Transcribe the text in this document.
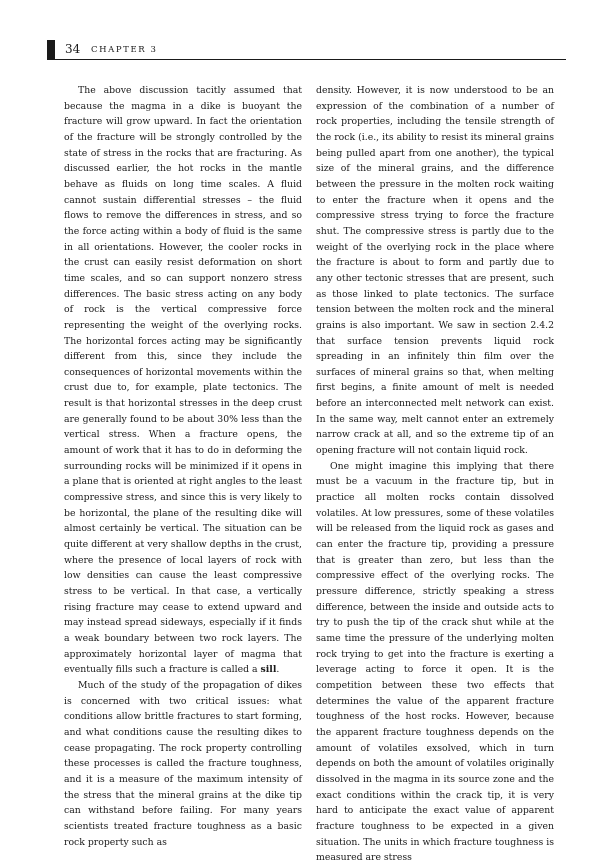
34 CHAPTER 3

The above discussion tacitly assumed that because the magma in a dike is buoyant the fracture will grow upward. In fact the orientation of the fracture will be strongly controlled by the state of stress in the rocks that are fracturing. As discussed earlier, the hot rocks in the mantle behave as fluids on long time scales. A fluid cannot sustain differential stresses – the fluid flows to remove the differences in stress, and so the force acting within a body of fluid is the same in all orientations. However, the cooler rocks in the crust can easily resist deformation on short time scales, and so can support nonzero stress differences. The basic stress acting on any body of rock is the vertical compressive force representing the weight of the overlying rocks. The horizontal forces acting may be significantly different from this, since they include the consequences of horizontal movements within the crust due to, for example, plate tectonics. The result is that horizontal stresses in the deep crust are generally found to be about 30% less than the vertical stress. When a fracture opens, the amount of work that it has to do in deforming the surrounding rocks will be minimized if it opens in a plane that is oriented at right angles to the least compressive stress, and since this is very likely to be horizontal, the plane of the resulting dike will almost certainly be vertical. The situation can be quite different at very shallow depths in the crust, where the presence of local layers of rock with low densities can cause the least compressive stress to be vertical. In that case, a vertically rising fracture may cease to extend upward and may instead spread sideways, especially if it finds a weak boundary between two rock layers. The approximately horizontal layer of magma that eventually fills such a fracture is called a sill.

Much of the study of the propagation of dikes is concerned with two critical issues: what conditions allow brittle fractures to start forming, and what conditions cause the resulting dikes to cease propagating. The rock property controlling these processes is called the fracture toughness, and it is a measure of the maximum intensity of the stress that the mineral grains at the dike tip can withstand before failing. For many years scientists treated fracture toughness as a basic rock property such as

density. However, it is now understood to be an expression of the combination of a number of rock properties, including the tensile strength of the rock (i.e., its ability to resist its mineral grains being pulled apart from one another), the typical size of the mineral grains, and the difference between the pressure in the molten rock waiting to enter the fracture when it opens and the compressive stress trying to force the fracture shut. The compressive stress is partly due to the weight of the overlying rock in the place where the fracture is about to form and partly due to any other tectonic stresses that are present, such as those linked to plate tectonics. The surface tension between the molten rock and the mineral grains is also important. We saw in section 2.4.2 that surface tension prevents liquid rock spreading in an infinitely thin film over the surfaces of mineral grains so that, when melting first begins, a finite amount of melt is needed before an interconnected melt network can exist. In the same way, melt cannot enter an extremely narrow crack at all, and so the extreme tip of an opening fracture will not contain liquid rock.

One might imagine this implying that there must be a vacuum in the fracture tip, but in practice all molten rocks contain dissolved volatiles. At low pressures, some of these volatiles will be released from the liquid rock as gases and can enter the fracture tip, providing a pressure that is greater than zero, but less than the compressive effect of the overlying rocks. The pressure difference, strictly speaking a stress difference, between the inside and outside acts to try to push the tip of the crack shut while at the same time the pressure of the underlying molten rock trying to get into the fracture is exerting a leverage acting to force it open. It is the competition between these two effects that determines the value of the apparent fracture toughness of the host rocks. However, because the apparent fracture toughness depends on the amount of volatiles exsolved, which in turn depends on both the amount of volatiles originally dissolved in the magma in its source zone and the exact conditions within the crack tip, it is very hard to anticipate the exact value of apparent fracture toughness to be expected in a given situation. The units in which fracture toughness is measured are stress
